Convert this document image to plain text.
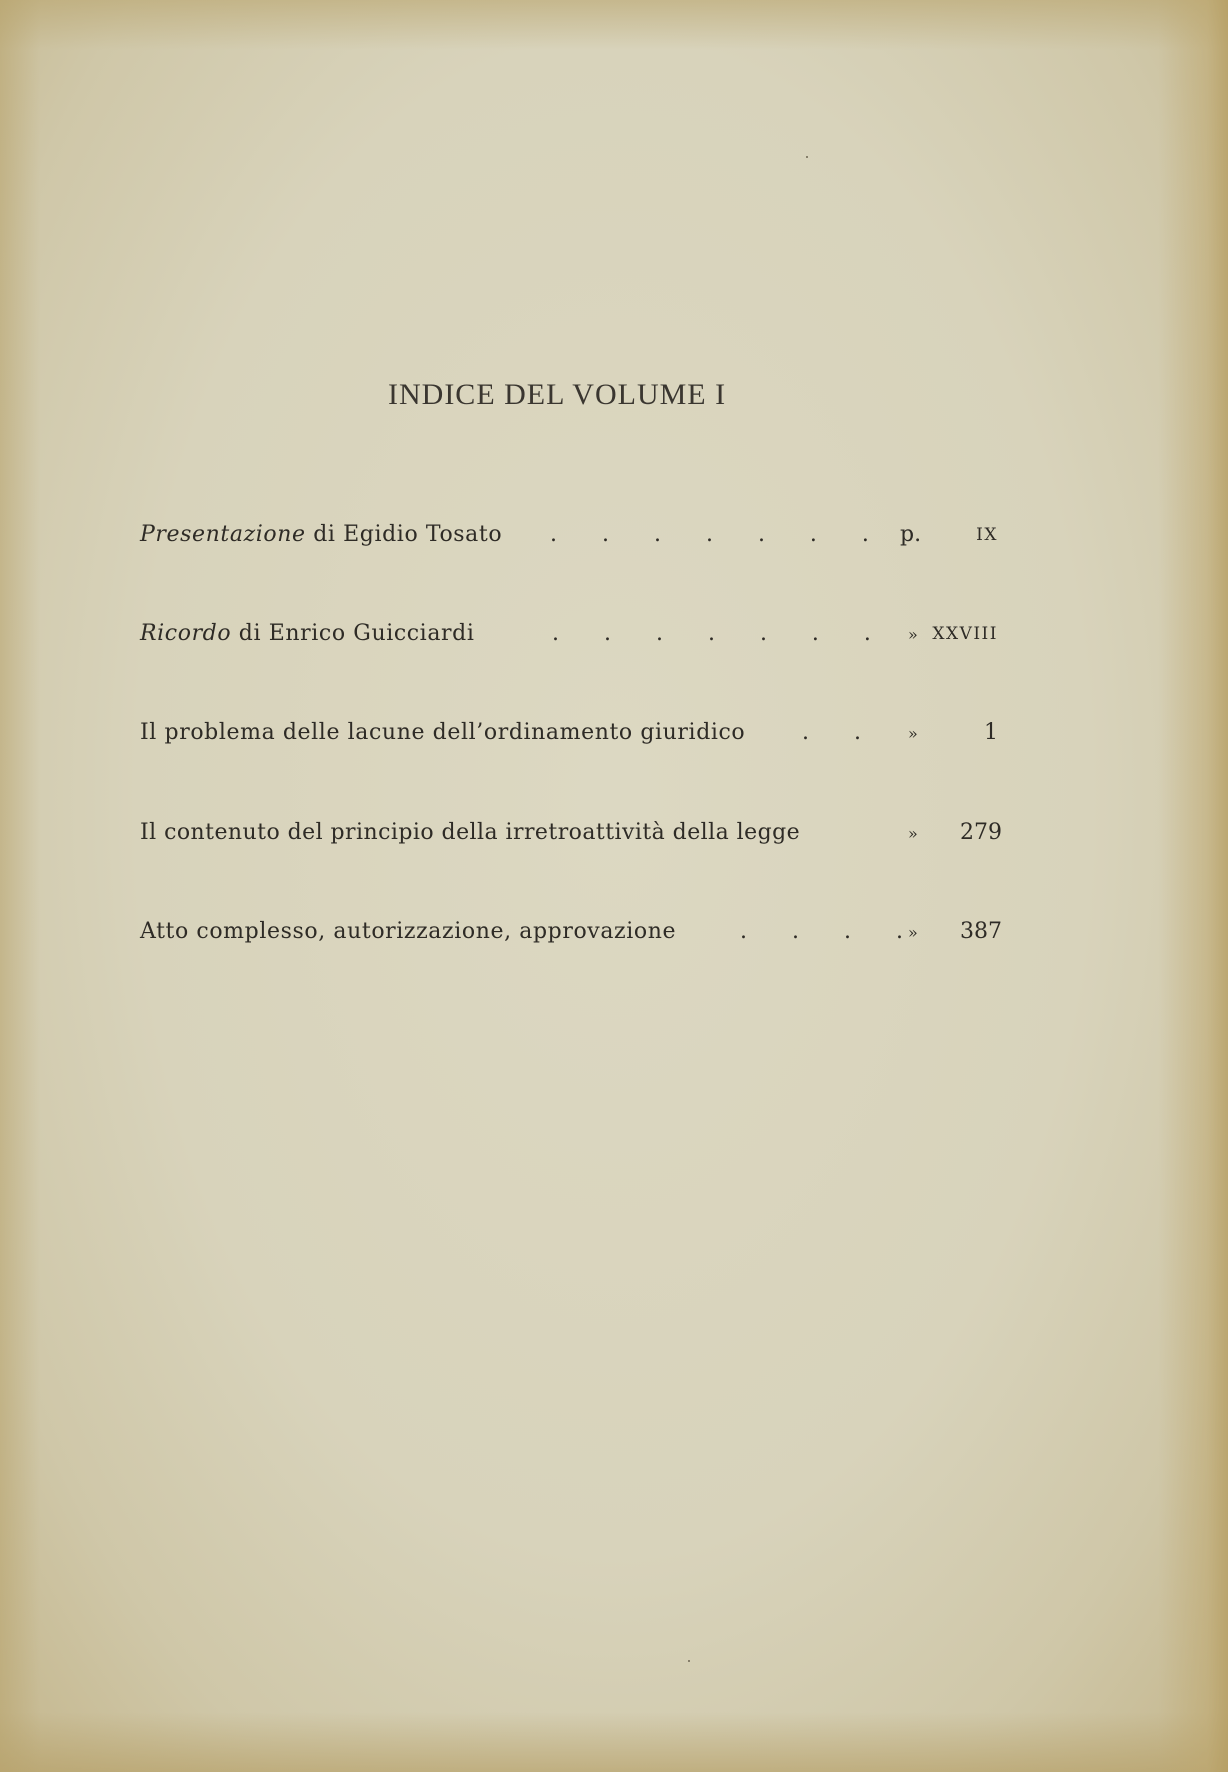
INDICE DEL VOLUME I
Presentazione di Egidio Tosato . . . . . . . p.	IX
Ricordo di Enrico Guicciardi	. . . . . . . » XXVIII
Il problema delle lacune dell’ordinamento giuridico	. .	»	1
Il contenuto del principio della irretroattività della legge	»	279
Atto complesso, autorizzazione, approvazione	. . . . »	387
